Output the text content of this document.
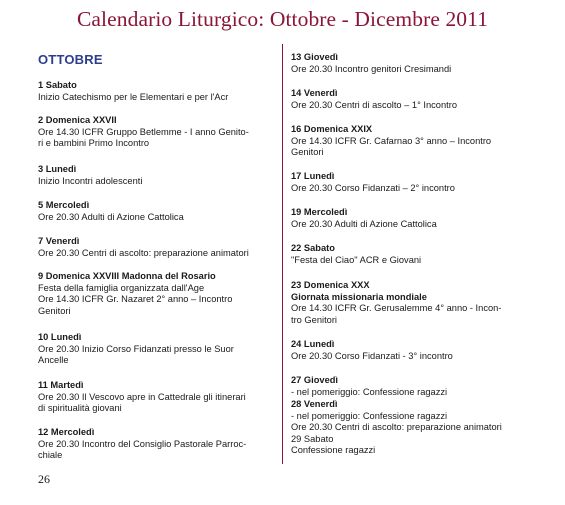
Calendario Liturgico: Ottobre - Dicembre 2011
OTTOBRE
1 Sabato
Inizio Catechismo per le Elementari e per l'Acr
2 Domenica XXVII
Ore 14.30 ICFR Gruppo Betlemme - I anno Genito-
ri e bambini Primo Incontro
3 Lunedì
Inizio Incontri adolescenti
5 Mercoledì
Ore 20.30 Adulti di Azione Cattolica
7 Venerdì
Ore 20.30 Centri di ascolto: preparazione animatori
9 Domenica XXVIII Madonna del Rosario
Festa della famiglia organizzata dall'Age
Ore 14.30 ICFR Gr. Nazaret 2° anno – Incontro
Genitori
10 Lunedì
Ore 20.30 Inizio Corso Fidanzati presso le Suor
Ancelle
11 Martedì
Ore 20.30 Il Vescovo apre in Cattedrale gli itinerari
di spiritualità giovani
12 Mercoledì
Ore 20.30 Incontro del Consiglio Pastorale Parroc-
chiale
13 Giovedì
Ore 20.30 Incontro genitori Cresimandi
14 Venerdì
Ore 20.30 Centri di ascolto – 1° Incontro
16 Domenica XXIX
Ore 14.30 ICFR Gr. Cafarnao 3° anno – Incontro
Genitori
17 Lunedì
Ore 20.30 Corso Fidanzati – 2° incontro
19 Mercoledì
Ore 20.30 Adulti di Azione Cattolica
22 Sabato
"Festa del Ciao" ACR e Giovani
23 Domenica XXX
Giornata missionaria mondiale
Ore 14.30 ICFR Gr. Gerusalemme 4° anno - Incon-
tro Genitori
24 Lunedì
Ore 20.30 Corso Fidanzati - 3° incontro
27 Giovedì
- nel pomeriggio: Confessione ragazzi
28 Venerdì
- nel pomeriggio: Confessione ragazzi
Ore 20.30 Centri di ascolto: preparazione animatori
29 Sabato
Confessione ragazzi
26
